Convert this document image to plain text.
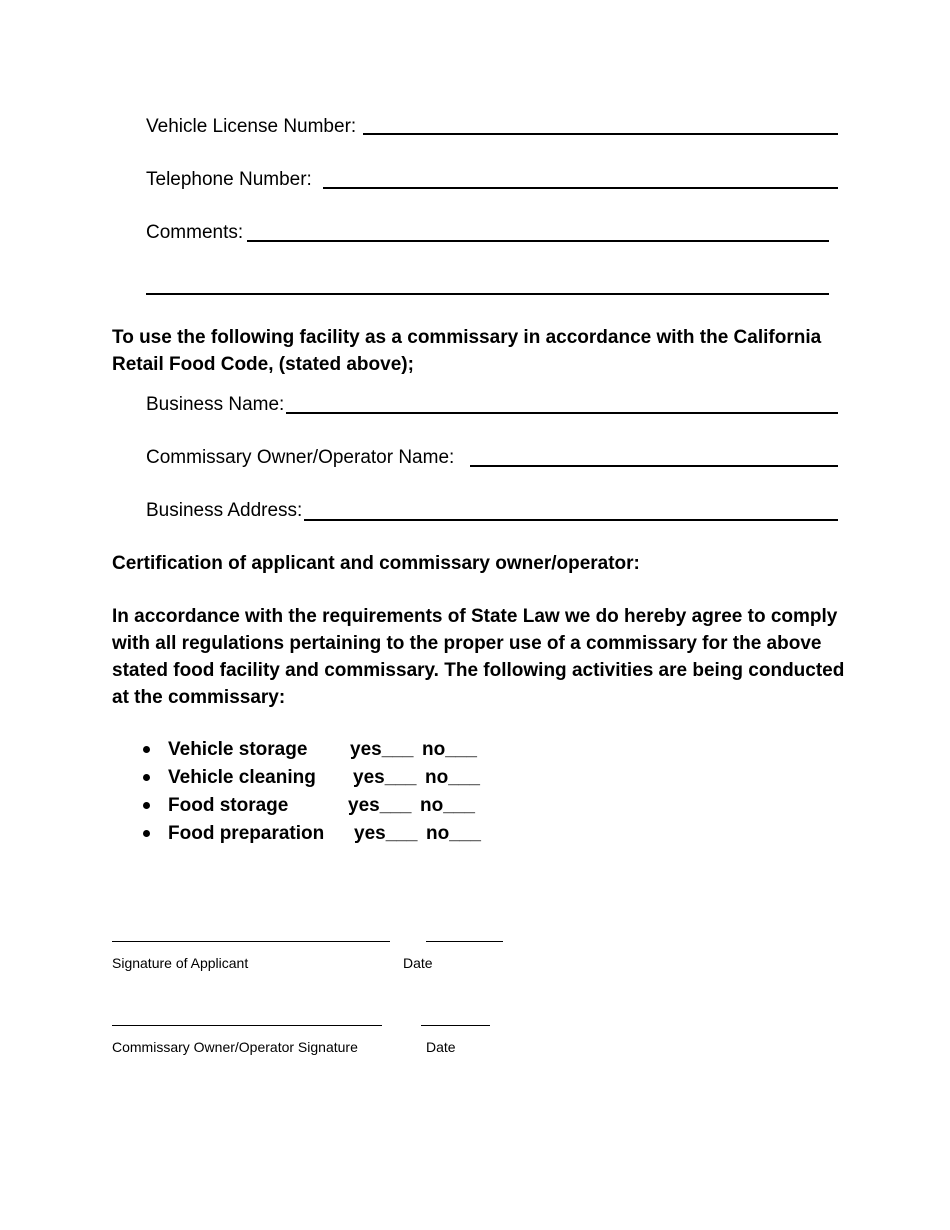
Vehicle License Number:
Telephone Number:
Comments:
To use the following facility as a commissary in accordance with the California Retail Food Code, (stated above);
Business Name:
Commissary Owner/Operator Name:
Business Address:
Certification of applicant and commissary owner/operator:
In accordance with the requirements of State Law we do hereby agree to comply with all regulations pertaining to the proper use of a commissary for the above stated food facility and commissary. The following activities are being conducted at the commissary:
Vehicle storage yes___ no___
Vehicle cleaning yes___ no___
Food storage	yes___ no___
Food preparation yes___ no___
Signature of Applicant	Date
Commissary Owner/Operator Signature	Date
